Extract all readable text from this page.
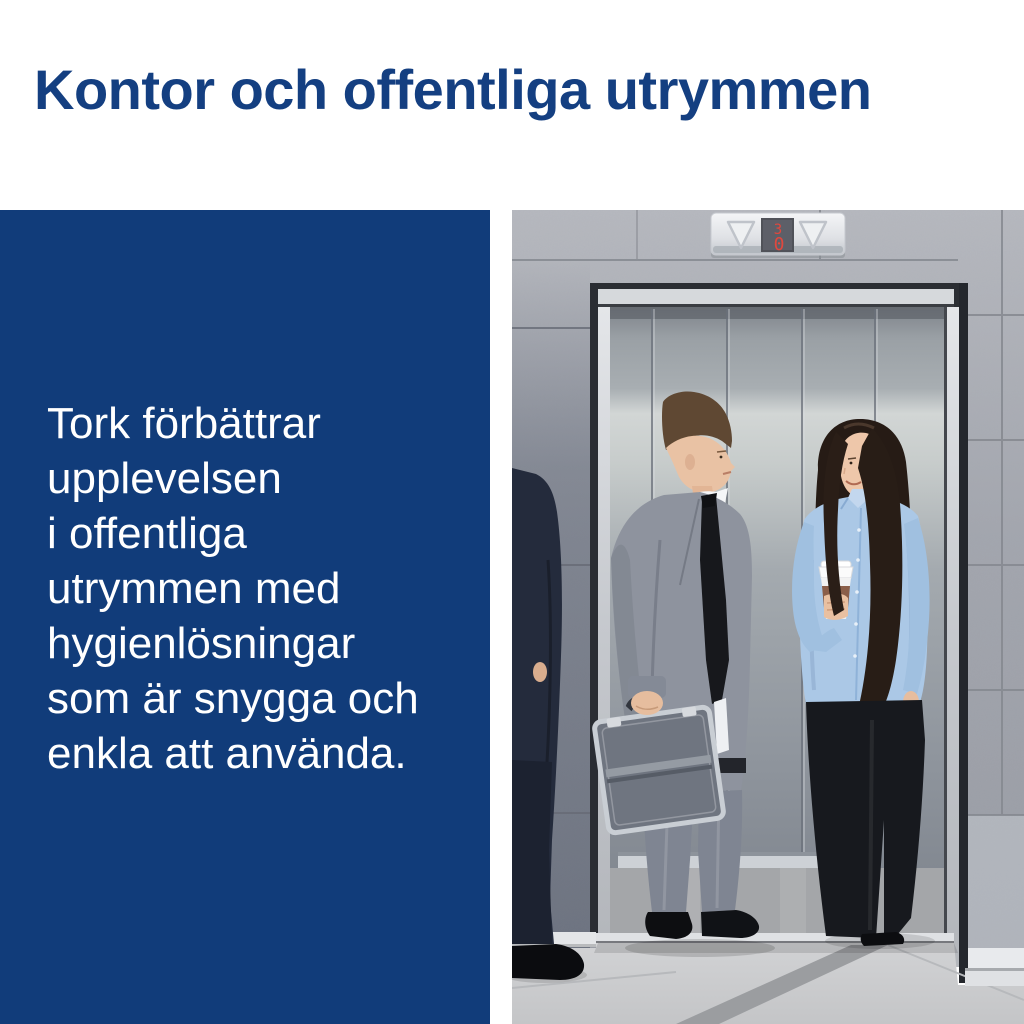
Kontor och offentliga utrymmen
Tork förbättrar
upplevelsen
i offentliga
utrymmen med
hygienlösningar
som är snygga och
enkla att använda.
3
0
